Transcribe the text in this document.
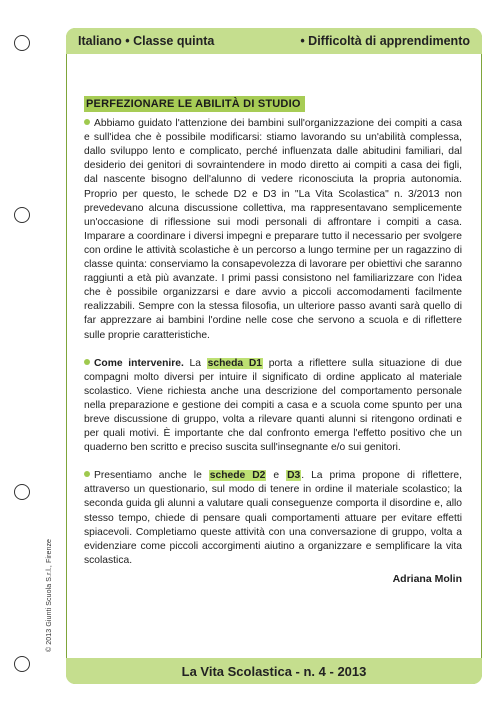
Italiano • Classe quinta	• Difficoltà di apprendimento
PERFEZIONARE LE ABILITÀ DI STUDIO

Abbiamo guidato l'attenzione dei bambini sull'organizzazione dei compiti a casa e sull'idea che è possibile modificarsi: stiamo lavorando su un'abilità complessa, dallo sviluppo lento e complicato, perché influenzata dalle abitudini familiari, dal desiderio dei genitori di sovraintendere in modo diretto ai compiti a casa dei figli, dal nascente bisogno dell'alunno di vedere riconosciuta la propria autonomia. Proprio per questo, le schede D2 e D3 in "La Vita Scolastica" n. 3/2013 non prevedevano alcuna discussione collettiva, ma rappresentavano semplicemente un'occasione di riflessione sui modi personali di affrontare i compiti a casa. Imparare a coordinare i diversi impegni e preparare tutto il necessario per svolgere con ordine le attività scolastiche è un percorso a lungo termine per un ragazzino di classe quinta: conserviamo la consapevolezza di lavorare per obiettivi che saranno raggiunti a età più avanzate. I primi passi consistono nel familiarizzare con l'idea che è possibile organizzarsi e dare avvio a piccoli accomodamenti facilmente realizzabili. Sempre con la stessa filosofia, un ulteriore passo avanti sarà quello di far apprezzare ai bambini l'ordine nelle cose che servono a scuola e di riflettere sulle proprie caratteristiche.

Come intervenire. La scheda D1 porta a riflettere sulla situazione di due compagni molto diversi per intuire il significato di ordine applicato al materiale scolastico. Viene richiesta anche una descrizione del comportamento personale nella preparazione e gestione dei compiti a casa e a scuola come spunto per una breve discussione di gruppo, volta a rilevare quanti alunni si ritengono ordinati e per quali motivi. È importante che dal confronto emerga l'effetto positivo che un quaderno ben scritto e preciso suscita sull'insegnante e/o sui genitori.

Presentiamo anche le schede D2 e D3. La prima propone di riflettere, attraverso un questionario, sul modo di tenere in ordine il materiale scolastico; la seconda guida gli alunni a valutare quali conseguenze comporta il disordine e, allo stesso tempo, chiede di pensare quali comportamenti attuare per evitare effetti spiacevoli. Completiamo queste attività con una conversazione di gruppo, volta a evidenziare come piccoli accorgimenti aiutino a organizzare e semplificare la vita scolastica.

Adriana Molin
© 2013 Giunti Scuola S.r.l., Firenze
La Vita Scolastica - n. 4 - 2013
